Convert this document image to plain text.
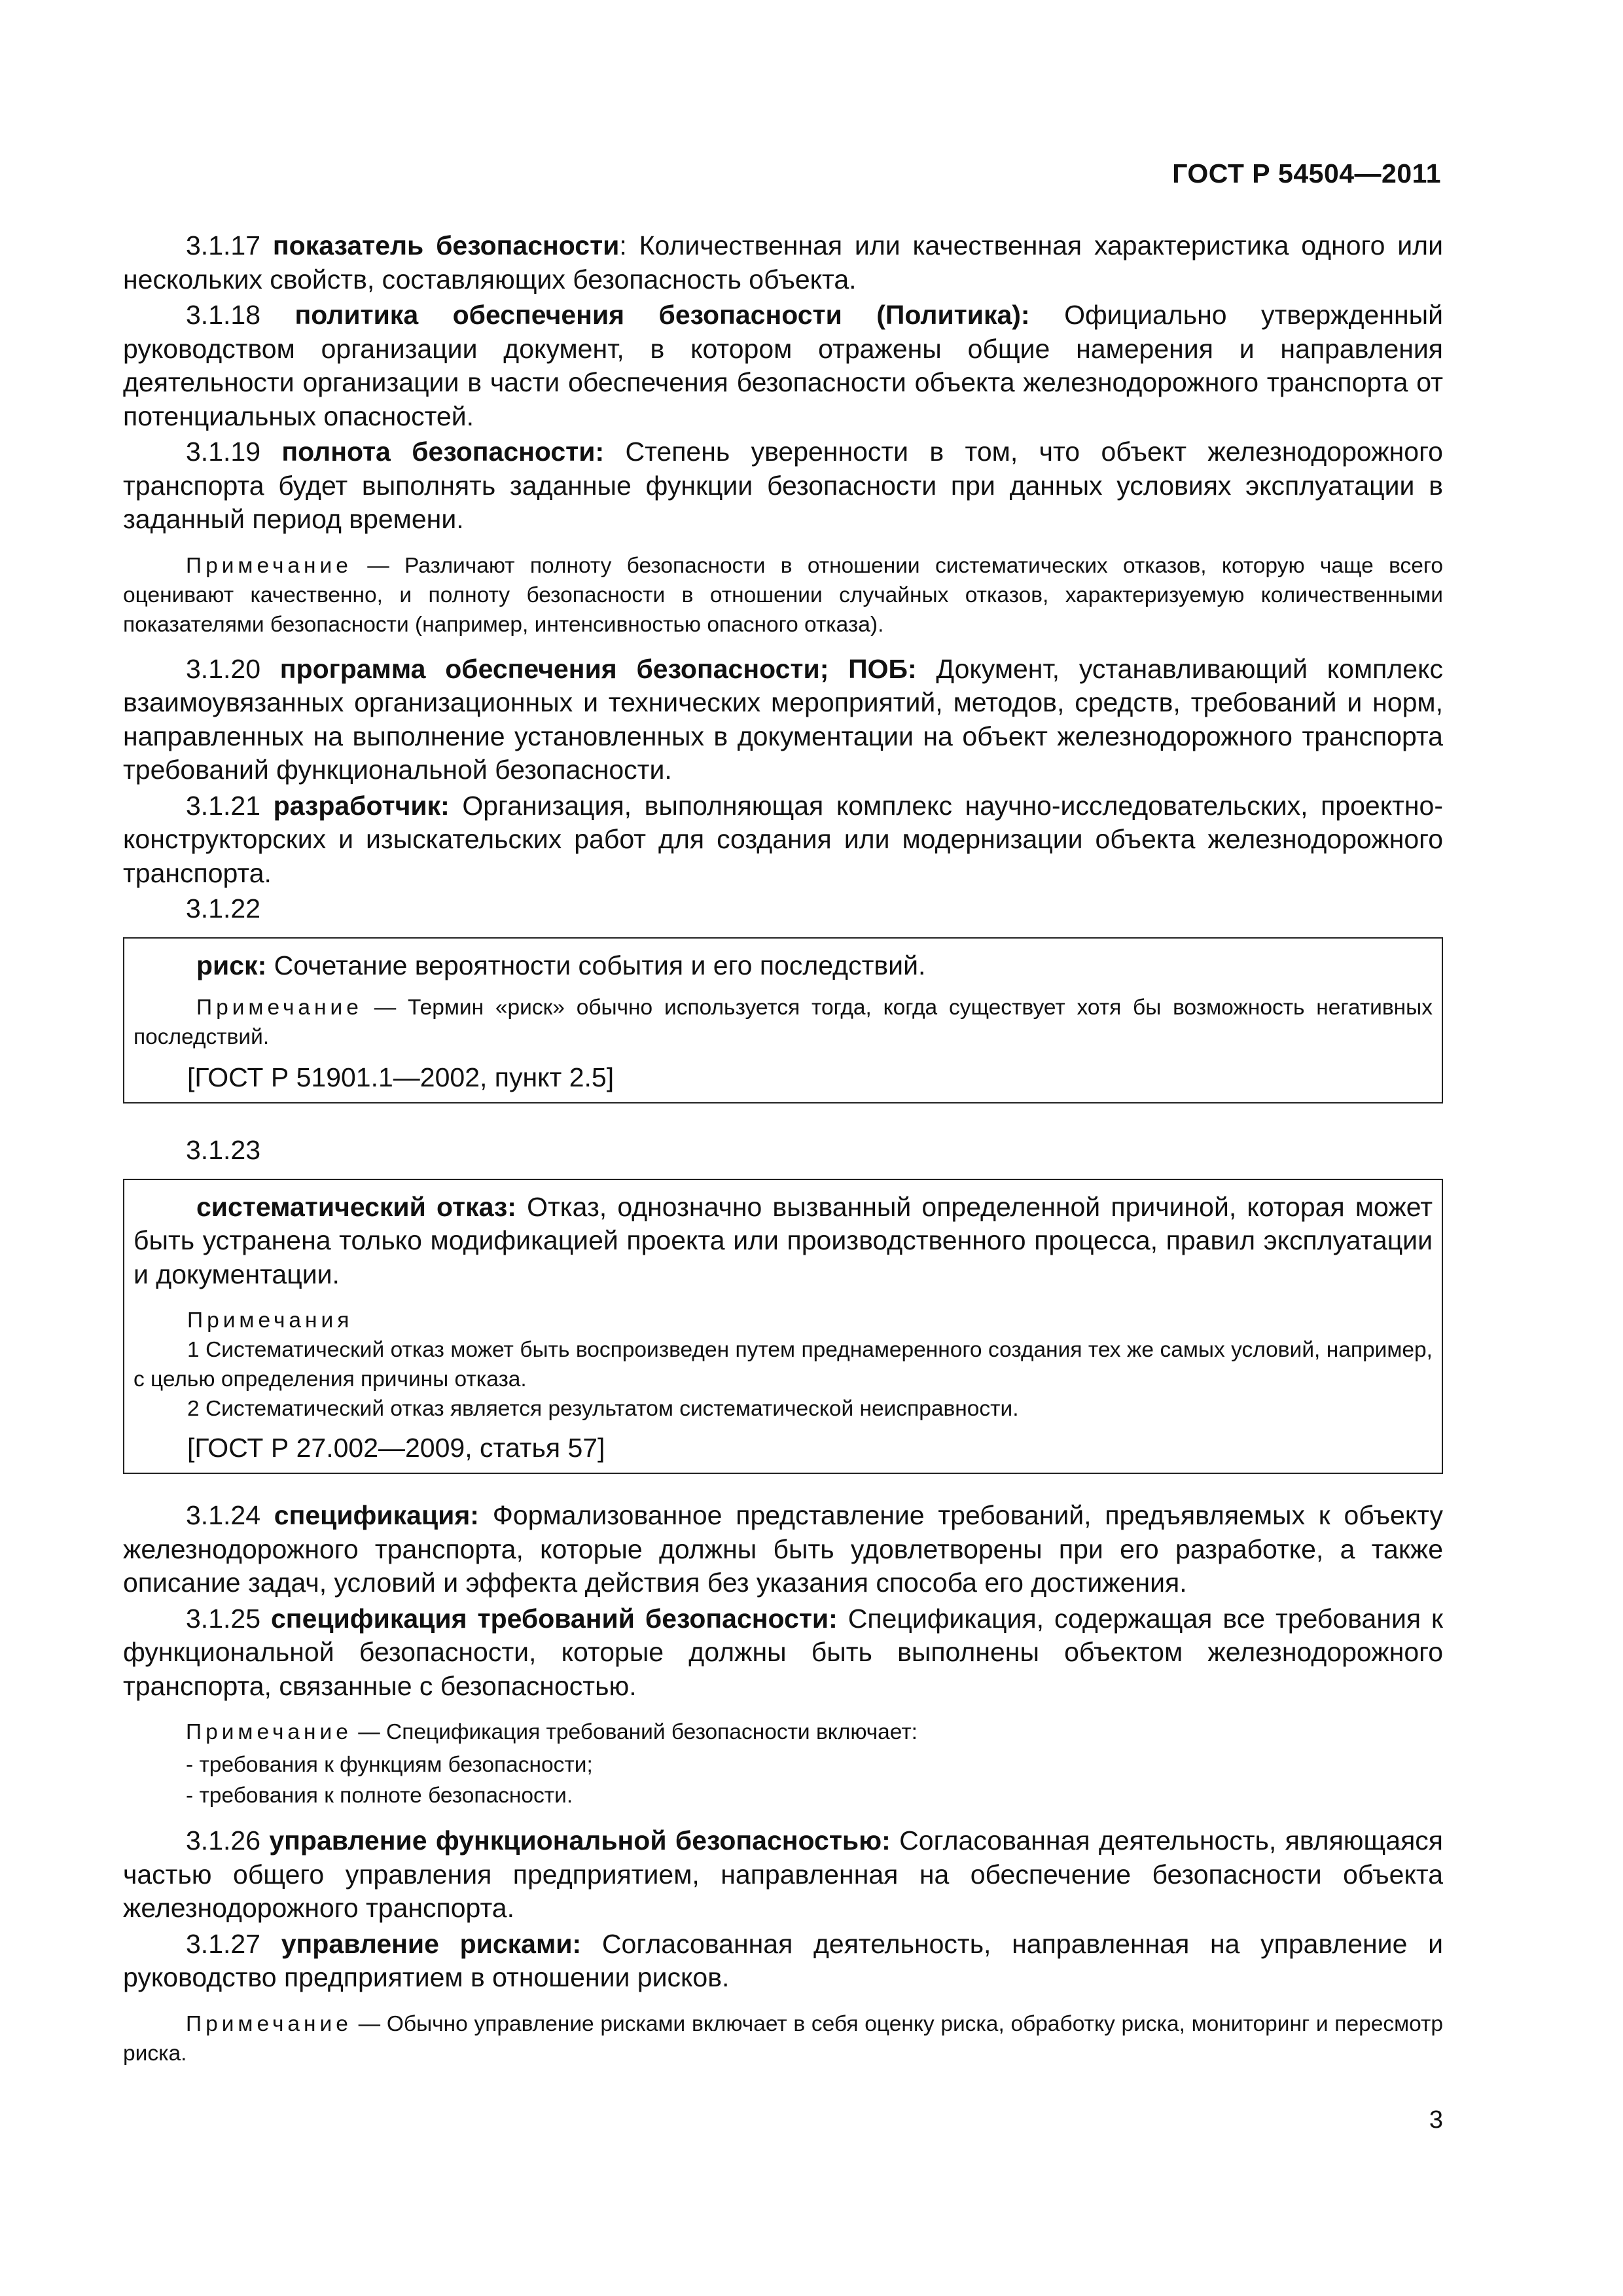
ГОСТ Р 54504—2011

3.1.17 показатель безопасности: Количественная или качественная характеристика одного или нескольких свойств, составляющих безопасность объекта.

3.1.18 политика обеспечения безопасности (Политика): Официально утвержденный руководством организации документ, в котором отражены общие намерения и направления деятельности организации в части обеспечения безопасности объекта железнодорожного транспорта от потенциальных опасностей.

3.1.19 полнота безопасности: Степень уверенности в том, что объект железнодорожного транспорта будет выполнять заданные функции безопасности при данных условиях эксплуатации в заданный период времени.

Примечание — Различают полноту безопасности в отношении систематических отказов, которую чаще всего оценивают качественно, и полноту безопасности в отношении случайных отказов, характеризуемую количественными показателями безопасности (например, интенсивностью опасного отказа).

3.1.20 программа обеспечения безопасности; ПОБ: Документ, устанавливающий комплекс взаимоувязанных организационных и технических мероприятий, методов, средств, требований и норм, направленных на выполнение установленных в документации на объект железнодорожного транспорта требований функциональной безопасности.

3.1.21 разработчик: Организация, выполняющая комплекс научно-исследовательских, проектно-конструкторских и изыскательских работ для создания или модернизации объекта железнодорожного транспорта.

3.1.22

риск: Сочетание вероятности события и его последствий.

Примечание — Термин «риск» обычно используется тогда, когда существует хотя бы возможность негативных последствий.

[ГОСТ Р 51901.1—2002, пункт 2.5]

3.1.23

систематический отказ: Отказ, однозначно вызванный определенной причиной, которая может быть устранена только модификацией проекта или производственного процесса, правил эксплуатации и документации.

Примечания

1 Систематический отказ может быть воспроизведен путем преднамеренного создания тех же самых условий, например, с целью определения причины отказа.

2 Систематический отказ является результатом систематической неисправности.

[ГОСТ Р 27.002—2009, статья 57]

3.1.24 спецификация: Формализованное представление требований, предъявляемых к объекту железнодорожного транспорта, которые должны быть удовлетворены при его разработке, а также описание задач, условий и эффекта действия без указания способа его достижения.

3.1.25 спецификация требований безопасности: Спецификация, содержащая все требования к функциональной безопасности, которые должны быть выполнены объектом железнодорожного транспорта, связанные с безопасностью.

Примечание — Спецификация требований безопасности включает:

- требования к функциям безопасности;
- требования к полноте безопасности.

3.1.26 управление функциональной безопасностью: Согласованная деятельность, являющаяся частью общего управления предприятием, направленная на обеспечение безопасности объекта железнодорожного транспорта.

3.1.27 управление рисками: Согласованная деятельность, направленная на управление и руководство предприятием в отношении рисков.

Примечание — Обычно управление рисками включает в себя оценку риска, обработку риска, мониторинг и пересмотр риска.

3
